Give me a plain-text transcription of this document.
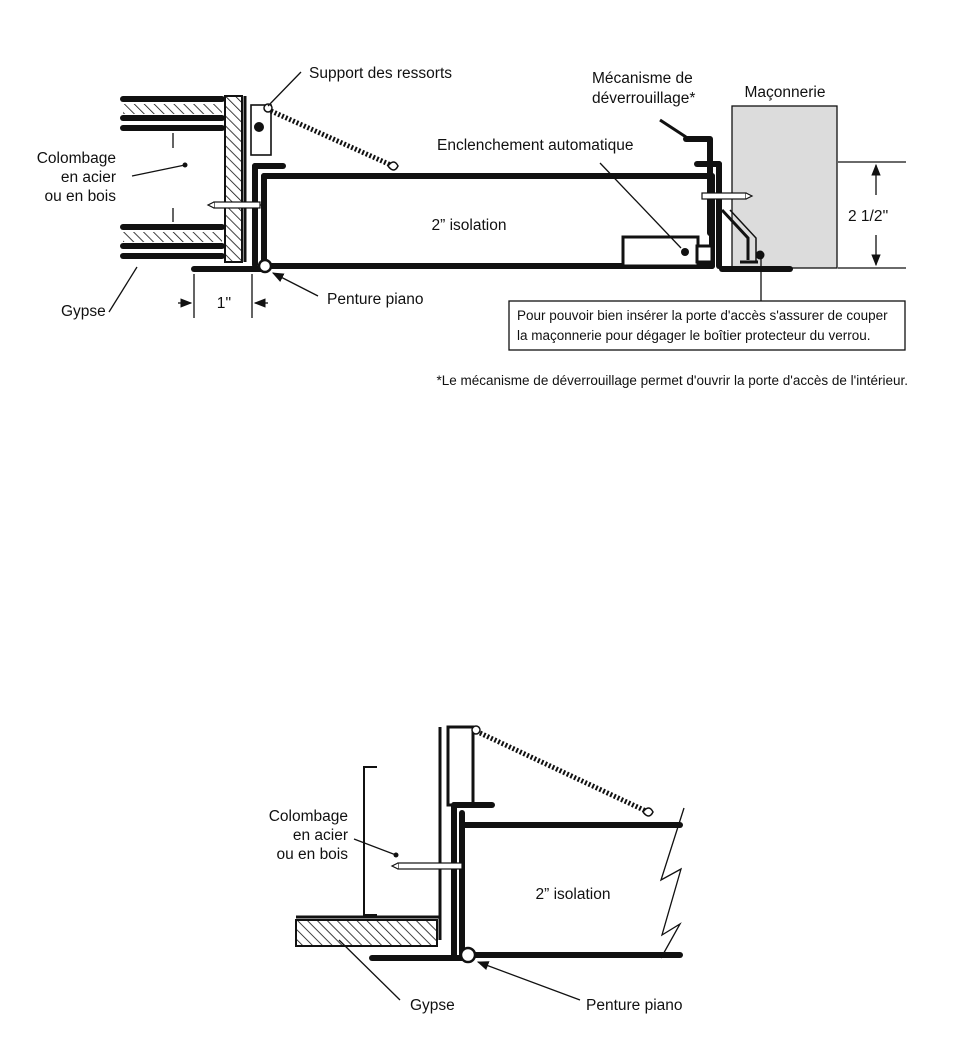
Support des ressorts	Mécanisme de
déverrouillage*	Maçonnerie
Enclenchement automatique
Colombage
en acier
ou en bois
2” isolation
2 1/2''
Gypse	1''	Penture piano
Pour pouvoir bien insérer la porte d'accès s'assurer de couper
la maçonnerie pour dégager le boîtier protecteur du verrou.
*Le mécanisme de déverrouillage permet d'ouvrir la porte d'accès de l'intérieur.
Colombage
en acier
ou en bois
2” isolation
Gypse	Penture piano
